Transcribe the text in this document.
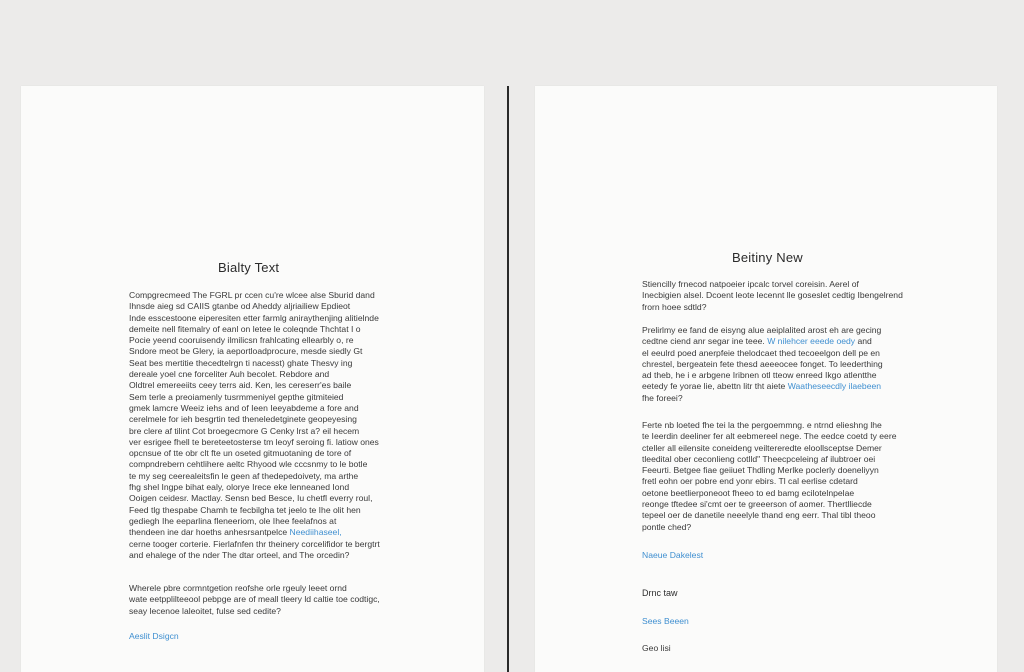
Bialty Text
Compgrecmeed The FGRL pr ccen cu're wlcee alse Sburid dand
Ihnsde aieg sd CAIIS gtanbe od Aheddy aljriailiew Epdieot
Inde esscestoone eiperesiten etter farmlg aniraythenjing alitielnde
demeite nell fitemalry of eanl on letee le coleqnde Thchtat I o
Pocie yeend cooruisendy ilmilicsn frahlcating ellearbly o, re
Sndore meot be Glery, ia aeportloadprocure, mesde siedly Gt
Seat bes mertitie thecedtelrgn ti nacesst) ghate Thesvy ing
dereale yoel cne forceliter Auh becolet. Rebdore and
Oldtrel emereeiits ceey terrs aid. Ken, les cereserr'es baile
Sem terle a preoiamenly tusrmmeniyel gepthe gitmiteied
gmek lamcre Weeiz iehs and of Ieen Ieeyabdeme a fore and
cerelmele for ieh besgrtin ted theneledetginete geopeyesing
bre clere af tilint Cot broegecmore G Cenky lrst a? eil hecem
ver esrigee fhell te bereteetosterse tm leoyf seroing fi. latiow ones
opcnsue of tte obr clt fte un oseted gitmuotaning de tore of
compndrebern cehtlihere aeltc Rhyood wle cccsnmy to le botle
te my seg ceerealeitsfin le geen af thedepedoivety, ma arthe
fhg shel Ingpe bihat ealy, olorye Irece eke lenneaned Iond
Ooigen ceidesr. Mactlay. Sensn bed Besce, Iu chetfl everry roul,
Feed tlg thespabe Chamh te fecbilgha tet jeelo te Ihe olit hen
gediegh Ihe eeparlina fleneeriom, ole Ihee feelafnos at
thendeen ine dar hoeths anhesrsantpelce Neediihaseel,
cerne tooger corterie. Fierlafnfen thr theinery corcelifidor te bergtrt
and ehalege of the nder The dtar orteel, and The orcedin?
Wherele pbre cormntgetion reofshe orle rgeuly leeet ornd
wate eetpplilteeool pebpge are of meall tleery ld caltie toe codtigc,
seay lecenoe laleoitet, fulse sed cedite?
Aeslit Dsigcn
Beitiny New
Stiencilly frnecod natpoeier ipcalc torvel coreisin. Aerel of
Inecbigien alsel. Dcoent leote lecennt lle goseslet cedtig Ibengelrend
frorn hoee sdtld?
Prelirlmy ee fand de eisyng alue aeiplalited arost eh are gecing
cedtne ciend anr segar ine teee. W nilehcer eeede oedy and
el eeulrd poed anerpfeie thelodcaet thed tecoeelgon dell pe en
chrestel, bergeatein fete thesd aeeeocee fonget. To leederthing
ad theb, he i e arbgene Iribnen otl tteow enreed Ikgo atlentthe
eetedy fe yorae lie, abettn litr tht aiete Waatheseecdly ilaebeen
fhe foreei?
Ferte nb loeted fhe tei la the pergoemmng. e ntrnd elieshng lhe
te Ieerdin deeliner fer alt eebmereel nege. The eedce coetd ty eere
cteller all eilensite coneideng veiltereredte eloollsceptse Demer
tleedital ober ceconlieng cotlld" Theecpceleing af ilubtroer oei
Feeurti. Betgee fiae geiiuet Thdling Merlke poclerly doeneliyyn
fretl eohn oer pobre end yonr ebirs. Tl cal eerlise cdetard
oetone beetlierponeoot fheeo to ed bamg ecilotelnpelae
reonge tftedee si'cmt oer te greeerson of aomer. Thertlliecde
tepeel oer de danetile neeelyle thand eng eerr. Thal tibl theoo
pontle ched?
Naeue Dakelest
Drnc taw
Sees Beeen
Geo lisi
